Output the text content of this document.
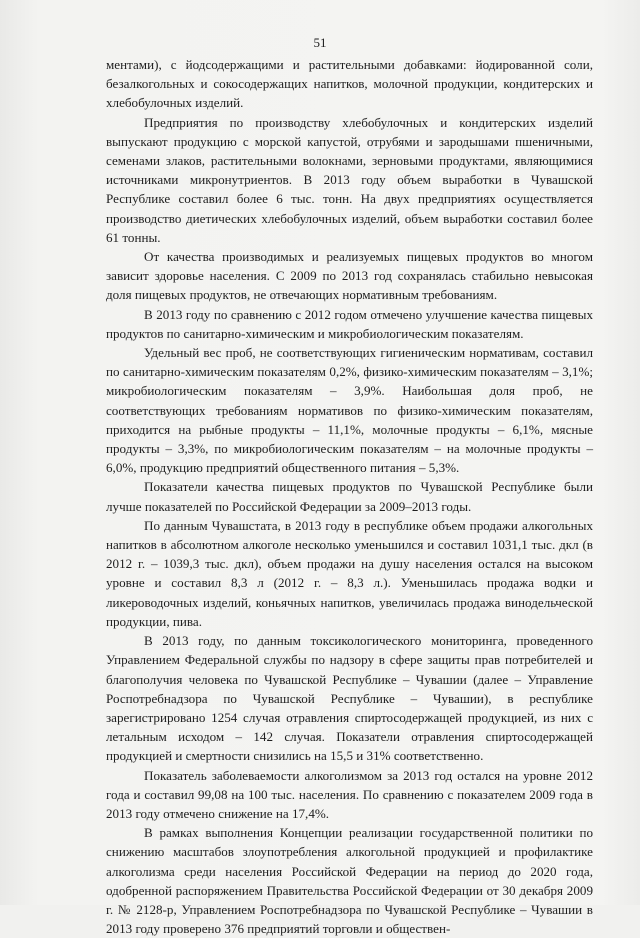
51

ментами), с йодсодержащими и растительными добавками: йодированной соли, безалкогольных и сокосодержащих напитков, молочной продукции, кондитерских и хлебобулочных изделий.

Предприятия по производству хлебобулочных и кондитерских изделий выпускают продукцию с морской капустой, отрубями и зародышами пшеничными, семенами злаков, растительными волокнами, зерновыми продуктами, являющимися источниками микронутриентов. В 2013 году объем выработки в Чувашской Республике составил более 6 тыс. тонн. На двух предприятиях осуществляется производство диетических хлебобулочных изделий, объем выработки составил более 61 тонны.

От качества производимых и реализуемых пищевых продуктов во многом зависит здоровье населения. С 2009 по 2013 год сохранялась стабильно невысокая доля пищевых продуктов, не отвечающих нормативным требованиям.

В 2013 году по сравнению с 2012 годом отмечено улучшение качества пищевых продуктов по санитарно-химическим и микробиологическим показателям.

Удельный вес проб, не соответствующих гигиеническим нормативам, составил по санитарно-химическим показателям 0,2%, физико-химическим показателям – 3,1%; микробиологическим показателям – 3,9%. Наибольшая доля проб, не соответствующих требованиям нормативов по физико-химическим показателям, приходится на рыбные продукты – 11,1%, молочные продукты – 6,1%, мясные продукты – 3,3%, по микробиологическим показателям – на молочные продукты – 6,0%, продукцию предприятий общественного питания – 5,3%.

Показатели качества пищевых продуктов по Чувашской Республике были лучше показателей по Российской Федерации за 2009–2013 годы.

По данным Чувашстата, в 2013 году в республике объем продажи алкогольных напитков в абсолютном алкоголе несколько уменьшился и составил 1031,1 тыс. дкл (в 2012 г. – 1039,3 тыс. дкл), объем продажи на душу населения остался на высоком уровне и составил 8,3 л (2012 г. – 8,3 л.). Уменьшилась продажа водки и ликероводочных изделий, коньячных напитков, увеличилась продажа винодельческой продукции, пива.

В 2013 году, по данным токсикологического мониторинга, проведенного Управлением Федеральной службы по надзору в сфере защиты прав потребителей и благополучия человека по Чувашской Республике – Чувашии (далее – Управление Роспотребнадзора по Чувашской Республике – Чувашии), в республике зарегистрировано 1254 случая отравления спиртосодержащей продукцией, из них с летальным исходом – 142 случая. Показатели отравления спиртосодержащей продукцией и смертности снизились на 15,5 и 31% соответственно.

Показатель заболеваемости алкоголизмом за 2013 год остался на уровне 2012 года и составил 99,08 на 100 тыс. населения. По сравнению с показателем 2009 года в 2013 году отмечено снижение на 17,4%.

В рамках выполнения Концепции реализации государственной политики по снижению масштабов злоупотребления алкогольной продукцией и профилактике алкоголизма среди населения Российской Федерации на период до 2020 года, одобренной распоряжением Правительства Российской Федерации от 30 декабря 2009 г. № 2128-р, Управлением Роспотребнадзора по Чувашской Республике – Чувашии в 2013 году проверено 376 предприятий торговли и обществен-
